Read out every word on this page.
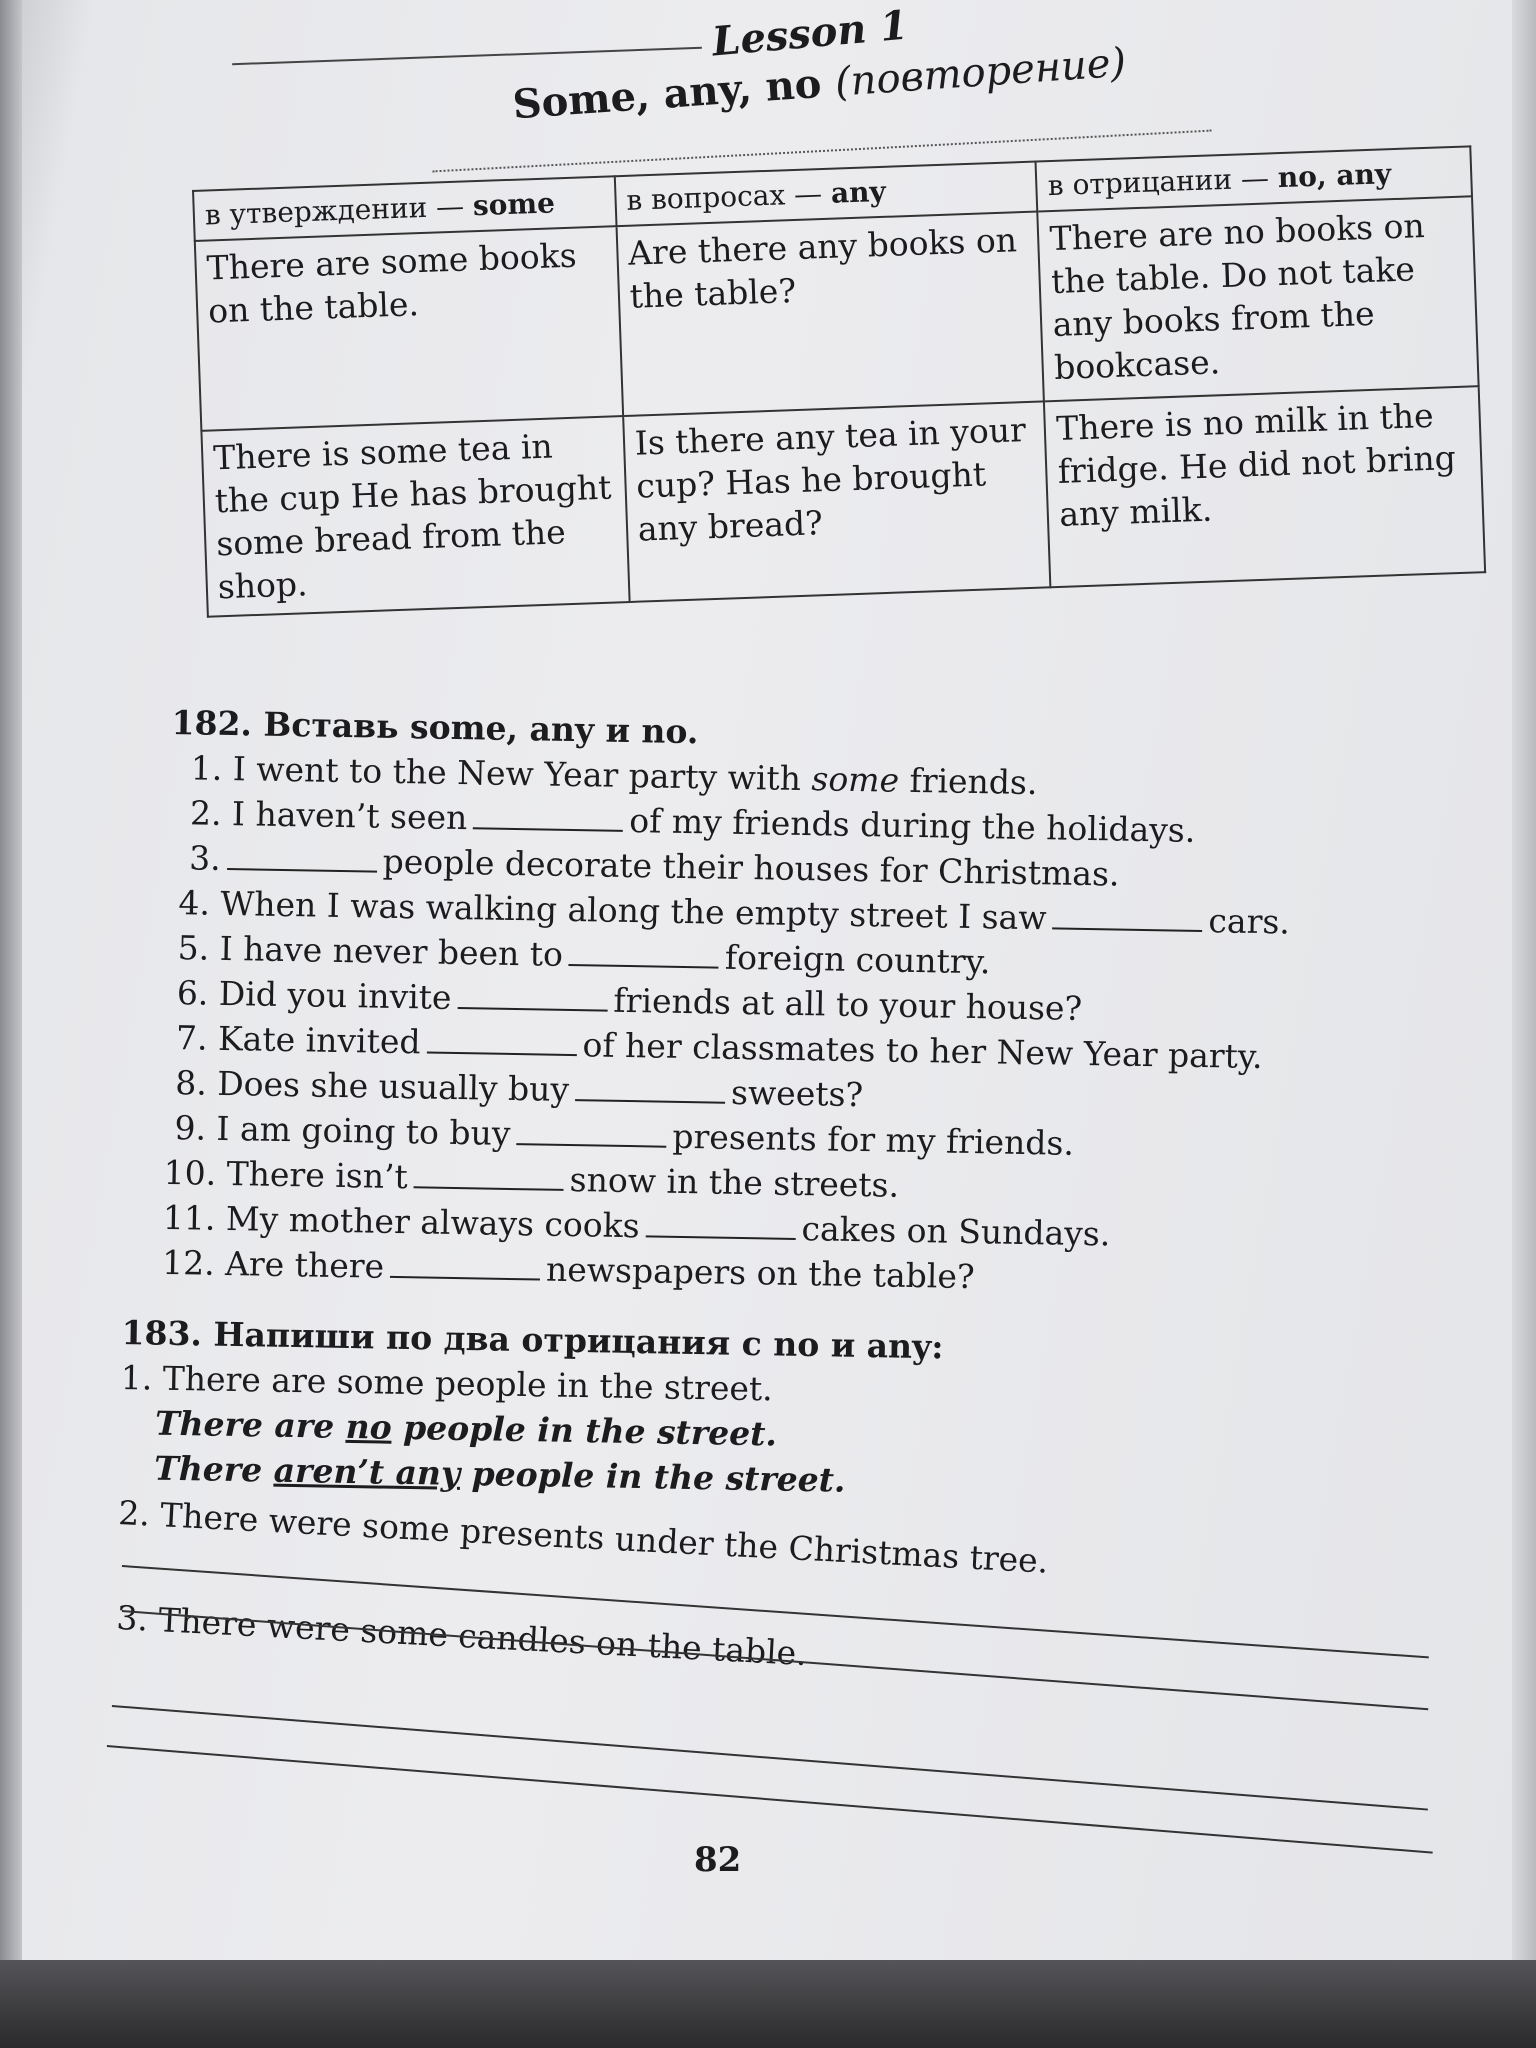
Lesson 1
Some, any, no (повторение)
в утверждении — some	в вопросах — any	в отрицании — no, any
There are some books on the table.	Are there any books on the table?	There are no books on the table. Do not take any books from the bookcase.
There is some tea in the cup He has brought some bread from the shop.	Is there any tea in your cup? Has he brought any bread?	There is no milk in the fridge. He did not bring any milk.
182. Вставь some, any и no.
1. I went to the New Year party with some friends.
2. I haven’t seen	of my friends during the holidays.
3.	people decorate their houses for Christmas.
4. When I was walking along the empty street I saw	cars.
5. I have never been to	foreign country.
6. Did you invite	friends at all to your house?
7. Kate invited	of her classmates to her New Year party.
8. Does she usually buy	sweets?
9. I am going to buy	presents for my friends.
10. There isn’t	snow in the streets.
11. My mother always cooks	cakes on Sundays.
12. Are there	newspapers on the table?
183. Напиши по два отрицания с no и any:
1. There are some people in the street.
There are no people in the street.
There aren’t any people in the street.
2. There were some presents under the Christmas tree.
3. There were some candles on the table.
82
